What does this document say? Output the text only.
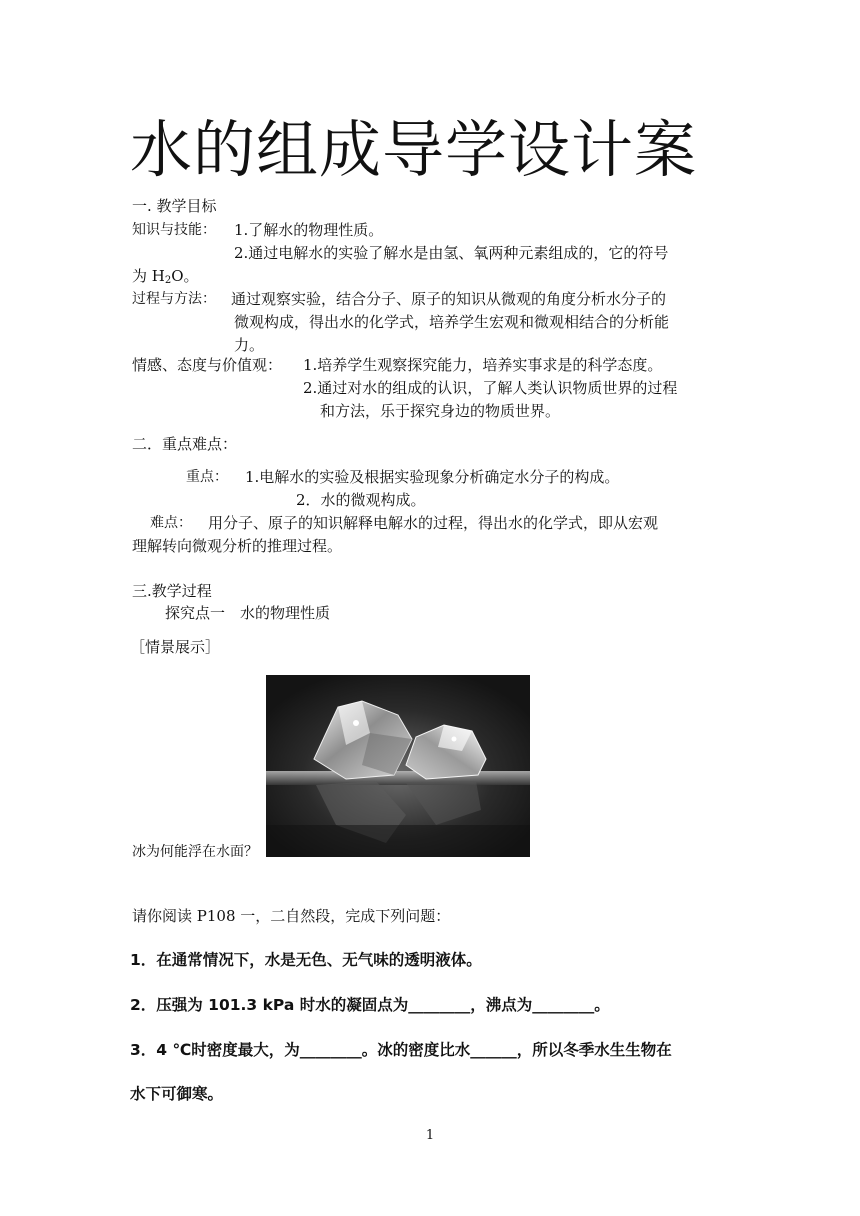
水的组成导学设计案
一. 教学目标
知识与技能： 1.了解水的物理性质。
2.通过电解水的实验了解水是由氢、氧两种元素组成的，它的符号
为 $H_2O$。
过程与方法： 通过观察实验，结合分子、原子的知识从微观的角度分析水分子的
微观构成，得出水的化学式，培养学生宏观和微观相结合的分析能
力。
情感、态度与价值观： 1.培养学生观察探究能力，培养实事求是的科学态度。
2.通过对水的组成的认识，了解人类认识物质世界的过程
和方法，乐于探究身边的物质世界。
二．重点难点：
重点： 1.电解水的实验及根据实验现象分析确定水分子的构成。
2．水的微观构成。
难点： 用分子、原子的知识解释电解水的过程，得出水的化学式，即从宏观
理解转向微观分析的推理过程。
三.教学过程
探究点一　水的物理性质
［情景展示］
冰为何能浮在水面？
请你阅读 P108 一，二自然段，完成下列问题：
1．在通常情况下，水是无色、无气味的透明液体。
2．压强为 101.3 kPa 时水的凝固点为________，沸点为________。
3．4 ℃时密度最大，为________。冰的密度比水______，所以冬季水生生物在
水下可御寒。
1
